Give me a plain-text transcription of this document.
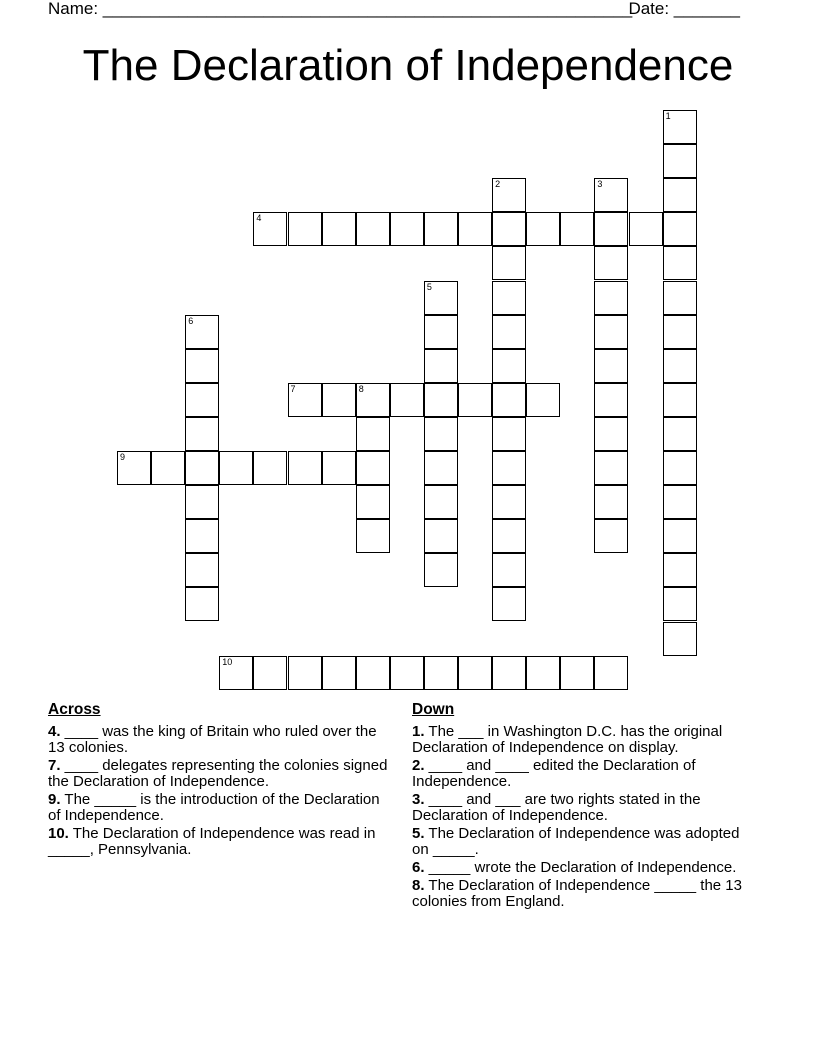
Name: ________________________________________________________
Date: _______
The Declaration of Independence
1
2	3
4
5
6
7	8
9
10
Across
4. ____ was the king of Britain who ruled over the 13 colonies.
7. ____ delegates representing the colonies signed the Declaration of Independence.
9. The _____ is the introduction of the Declaration of Independence.
10. The Declaration of Independence was read in _____, Pennsylvania.
Down
1. The ___ in Washington D.C. has the original Declaration of Independence on display.
2. ____ and ____ edited the Declaration of Independence.
3. ____ and ___ are two rights stated in the Declaration of Independence.
5. The Declaration of Independence was adopted on _____.
6. _____ wrote the Declaration of Independence.
8. The Declaration of Independence _____ the 13 colonies from England.
